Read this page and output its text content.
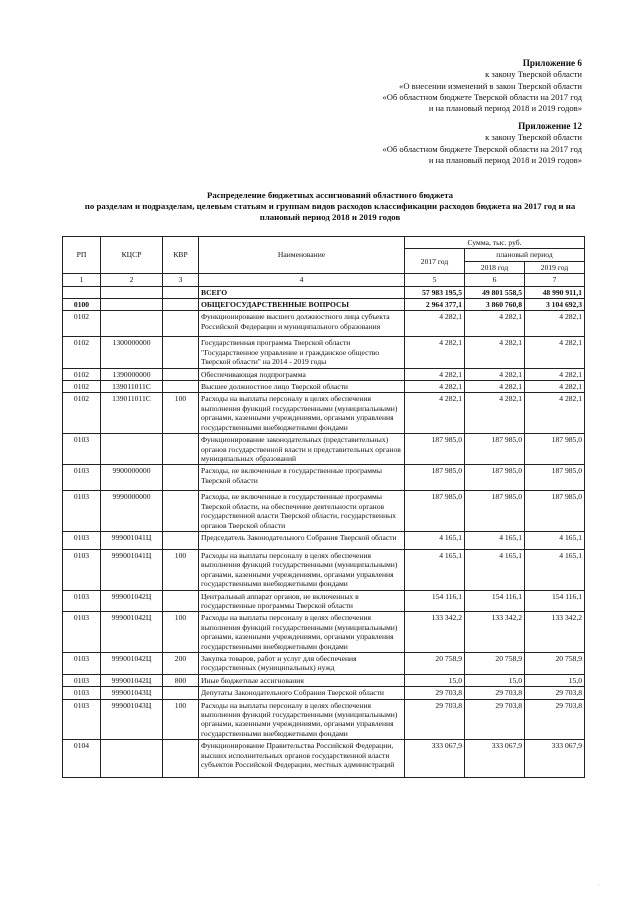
Приложение 6
к закону Тверской области
«О внесении изменений в закон Тверской области
«Об областном бюджете Тверской области на 2017 год
и на плановый период 2018 и 2019 годов»
Приложение 12
к закону Тверской области
«Об областном бюджете Тверской области на 2017 год
и на плановый период 2018 и 2019 годов»
Распределение бюджетных ассигнований областного бюджета
по разделам и подразделам, целевым статьям и группам видов расходов классификации расходов бюджета на 2017 год и на
плановый период 2018 и 2019 годов
РП	КЦСР	КВР	Наименование	Сумма, тыс. руб.		
				2017 год	плановый период	
					2018 год	2019 год
1	2	3	4	5	6	7
			ВСЕГО	57 983 195,5	49 801 558,5	48 990 911,1
0100			ОБЩЕГОСУДАРСТВЕННЫЕ ВОПРОСЫ	2 964 377,1	3 860 760,8	3 104 692,3
0102			Функционирование высшего должностного лица субъекта Российской Федерации и муниципального образования	4 282,1	4 282,1	4 282,1
0102	1300000000		Государственная программа Тверской области "Государственное управление и гражданское общество Тверской области" на 2014 - 2019 годы	4 282,1	4 282,1	4 282,1
0102	1390000000		Обеспечивающая подпрограмма	4 282,1	4 282,1	4 282,1
0102	139011011С		Высшее должностное лицо Тверской области	4 282,1	4 282,1	4 282,1
0102	139011011С	100	Расходы на выплаты персоналу в целях обеспечения выполнения функций государственными (муниципальными) органами, казенными учреждениями, органами управления государственными внебюджетными фондами	4 282,1	4 282,1	4 282,1
0103			Функционирование законодательных (представительных) органов государственной власти и представительных органов муниципальных образований	187 985,0	187 985,0	187 985,0
0103	9900000000		Расходы, не включенные в государственные программы Тверской области	187 985,0	187 985,0	187 985,0
0103	9990000000		Расходы, не включенные в государственные программы Тверской области, на обеспечение деятельности органов государственной власти Тверской области, государственных органов Тверской области	187 985,0	187 985,0	187 985,0
0103	999001041Ц		Председатель Законодательного Собрания Тверской области	4 165,1	4 165,1	4 165,1
0103	999001041Ц	100	Расходы на выплаты персоналу в целях обеспечения выполнения функций государственными (муниципальными) органами, казенными учреждениями, органами управления государственными внебюджетными фондами	4 165,1	4 165,1	4 165,1
0103	999001042Ц		Центральный аппарат органов, не включенных в государственные программы Тверской области	154 116,1	154 116,1	154 116,1
0103	999001042Ц	100	Расходы на выплаты персоналу в целях обеспечения выполнения функций государственными (муниципальными) органами, казенными учреждениями, органами управления государственными внебюджетными фондами	133 342,2	133 342,2	133 342,2
0103	999001042Ц	200	Закупка товаров, работ и услуг для обеспечения государственных (муниципальных) нужд	20 758,9	20 758,9	20 758,9
0103	999001042Ц	800	Иные бюджетные ассигнования	15,0	15,0	15,0
0103	999001043Ц		Депутаты Законодательного Собрания Тверской области	29 703,8	29 703,8	29 703,8
0103	999001043Ц	100	Расходы на выплаты персоналу в целях обеспечения выполнения функций государственными (муниципальными) органами, казенными учреждениями, органами управления государственными внебюджетными фондами	29 703,8	29 703,8	29 703,8
0104			Функционирование Правительства Российской Федерации, высших исполнительных органов государственной власти субъектов Российской Федерации, местных администраций	333 067,9	333 067,9	333 067,9
·
